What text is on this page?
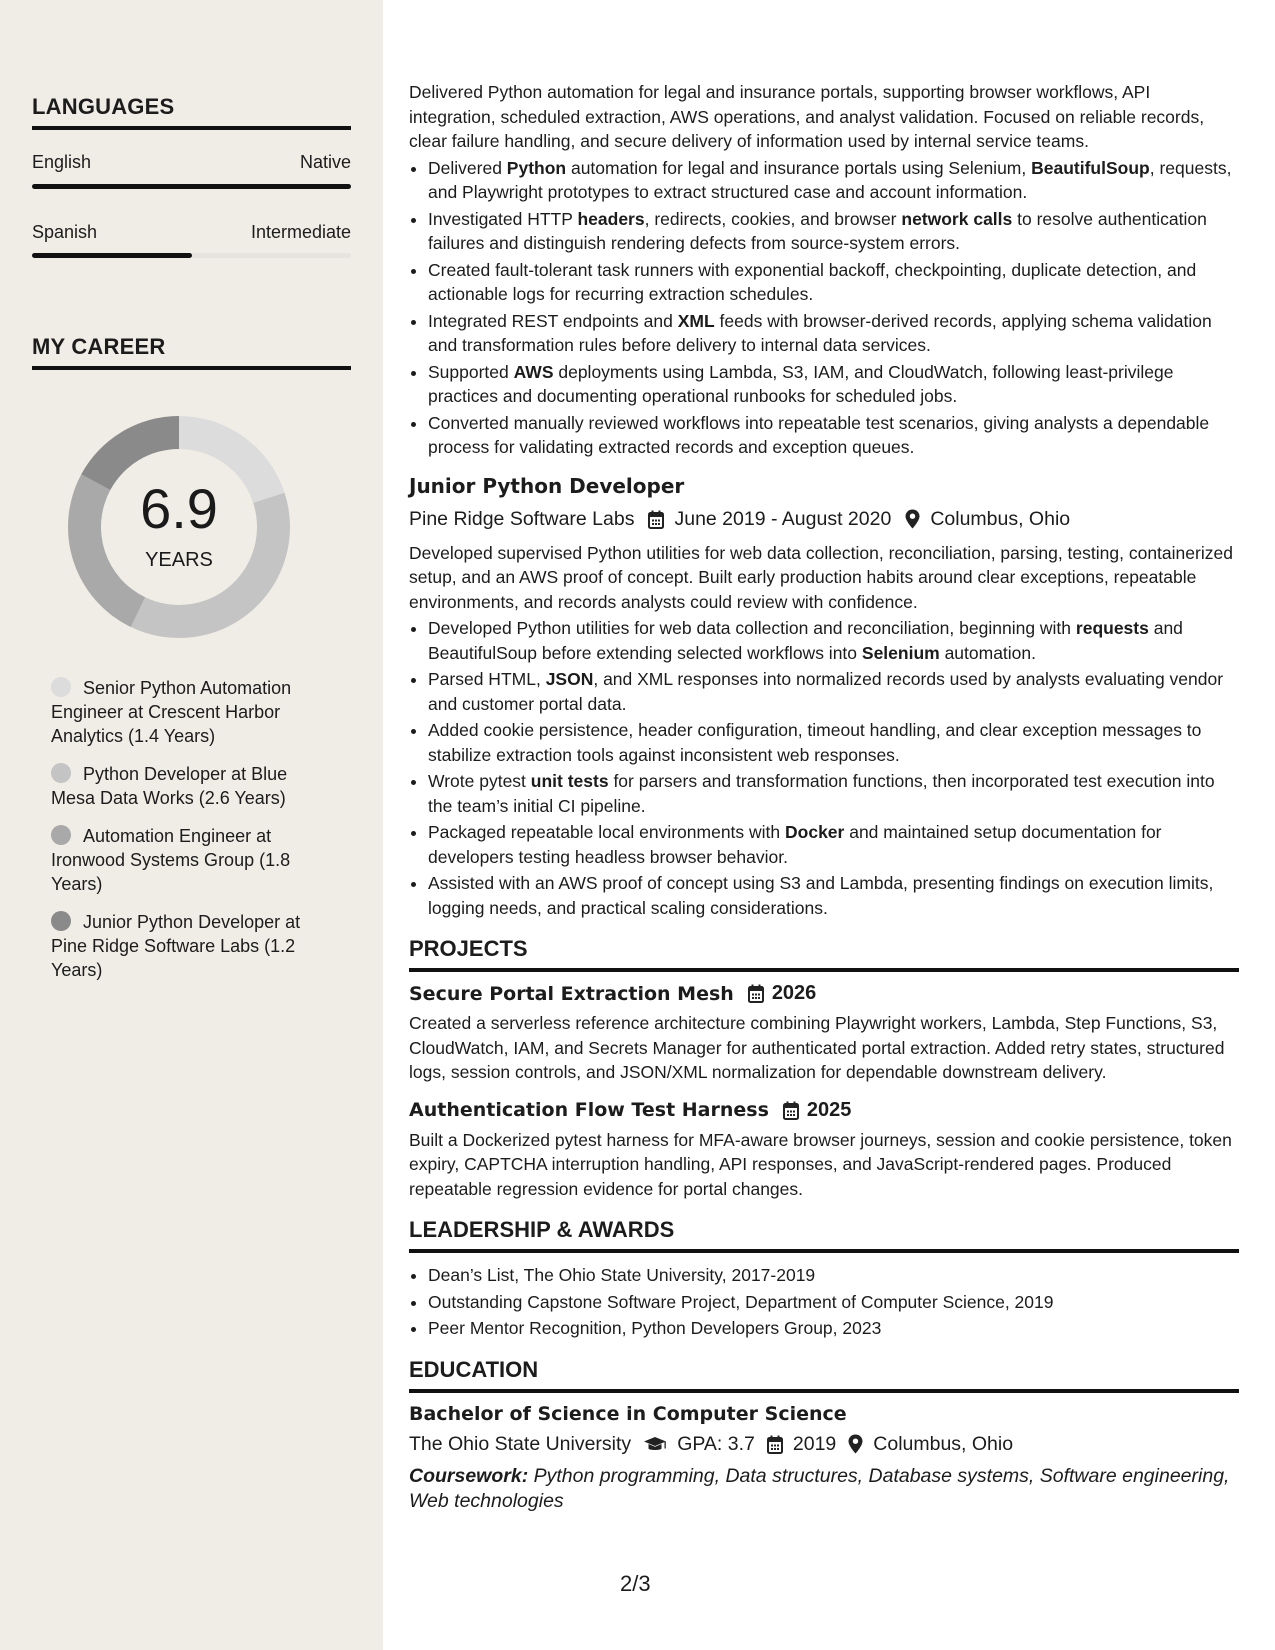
LANGUAGES
English	Native
Spanish	Intermediate
MY CAREER
6.9
YEARS
Senior Python Automation Engineer at Crescent Harbor Analytics (1.4 Years)
Python Developer at Blue Mesa Data Works (2.6 Years)
Automation Engineer at Ironwood Systems Group (1.8 Years)
Junior Python Developer at Pine Ridge Software Labs (1.2 Years)

Delivered Python automation for legal and insurance portals, supporting browser workflows, API integration, scheduled extraction, AWS operations, and analyst validation. Focused on reliable records, clear failure handling, and secure delivery of information used by internal service teams.

• Delivered Python automation for legal and insurance portals using Selenium, BeautifulSoup, requests, and Playwright prototypes to extract structured case and account information.
• Investigated HTTP headers, redirects, cookies, and browser network calls to resolve authentication failures and distinguish rendering defects from source-system errors.
• Created fault-tolerant task runners with exponential backoff, checkpointing, duplicate detection, and actionable logs for recurring extraction schedules.
• Integrated REST endpoints and XML feeds with browser-derived records, applying schema validation and transformation rules before delivery to internal data services.
• Supported AWS deployments using Lambda, S3, IAM, and CloudWatch, following least-privilege practices and documenting operational runbooks for scheduled jobs.
• Converted manually reviewed workflows into repeatable test scenarios, giving analysts a dependable process for validating extracted records and exception queues.
Junior Python Developer
Pine Ridge Software Labs June 2019 - August 2020 Columbus, Ohio

Developed supervised Python utilities for web data collection, reconciliation, parsing, testing, containerized setup, and an AWS proof of concept. Built early production habits around clear exceptions, repeatable environments, and records analysts could review with confidence.

• Developed Python utilities for web data collection and reconciliation, beginning with requests and BeautifulSoup before extending selected workflows into Selenium automation.
• Parsed HTML, JSON, and XML responses into normalized records used by analysts evaluating vendor and customer portal data.
• Added cookie persistence, header configuration, timeout handling, and clear exception messages to stabilize extraction tools against inconsistent web responses.
• Wrote pytest unit tests for parsers and transformation functions, then incorporated test execution into the team’s initial CI pipeline.
• Packaged repeatable local environments with Docker and maintained setup documentation for developers testing headless browser behavior.
• Assisted with an AWS proof of concept using S3 and Lambda, presenting findings on execution limits, logging needs, and practical scaling considerations.
PROJECTS
Secure Portal Extraction Mesh 2026

Created a serverless reference architecture combining Playwright workers, Lambda, Step Functions, S3, CloudWatch, IAM, and Secrets Manager for authenticated portal extraction. Added retry states, structured logs, session controls, and JSON/XML normalization for dependable downstream delivery.

Authentication Flow Test Harness 2025

Built a Dockerized pytest harness for MFA-aware browser journeys, session and cookie persistence, token expiry, CAPTCHA interruption handling, API responses, and JavaScript-rendered pages. Produced repeatable regression evidence for portal changes.

LEADERSHIP & AWARDS
• Dean’s List, The Ohio State University, 2017-2019
• Outstanding Capstone Software Project, Department of Computer Science, 2019
• Peer Mentor Recognition, Python Developers Group, 2023
EDUCATION
Bachelor of Science in Computer Science
The Ohio State University GPA: 3.7 2019 Columbus, Ohio
Coursework: Python programming, Data structures, Database systems, Software engineering, Web technologies
2/3
